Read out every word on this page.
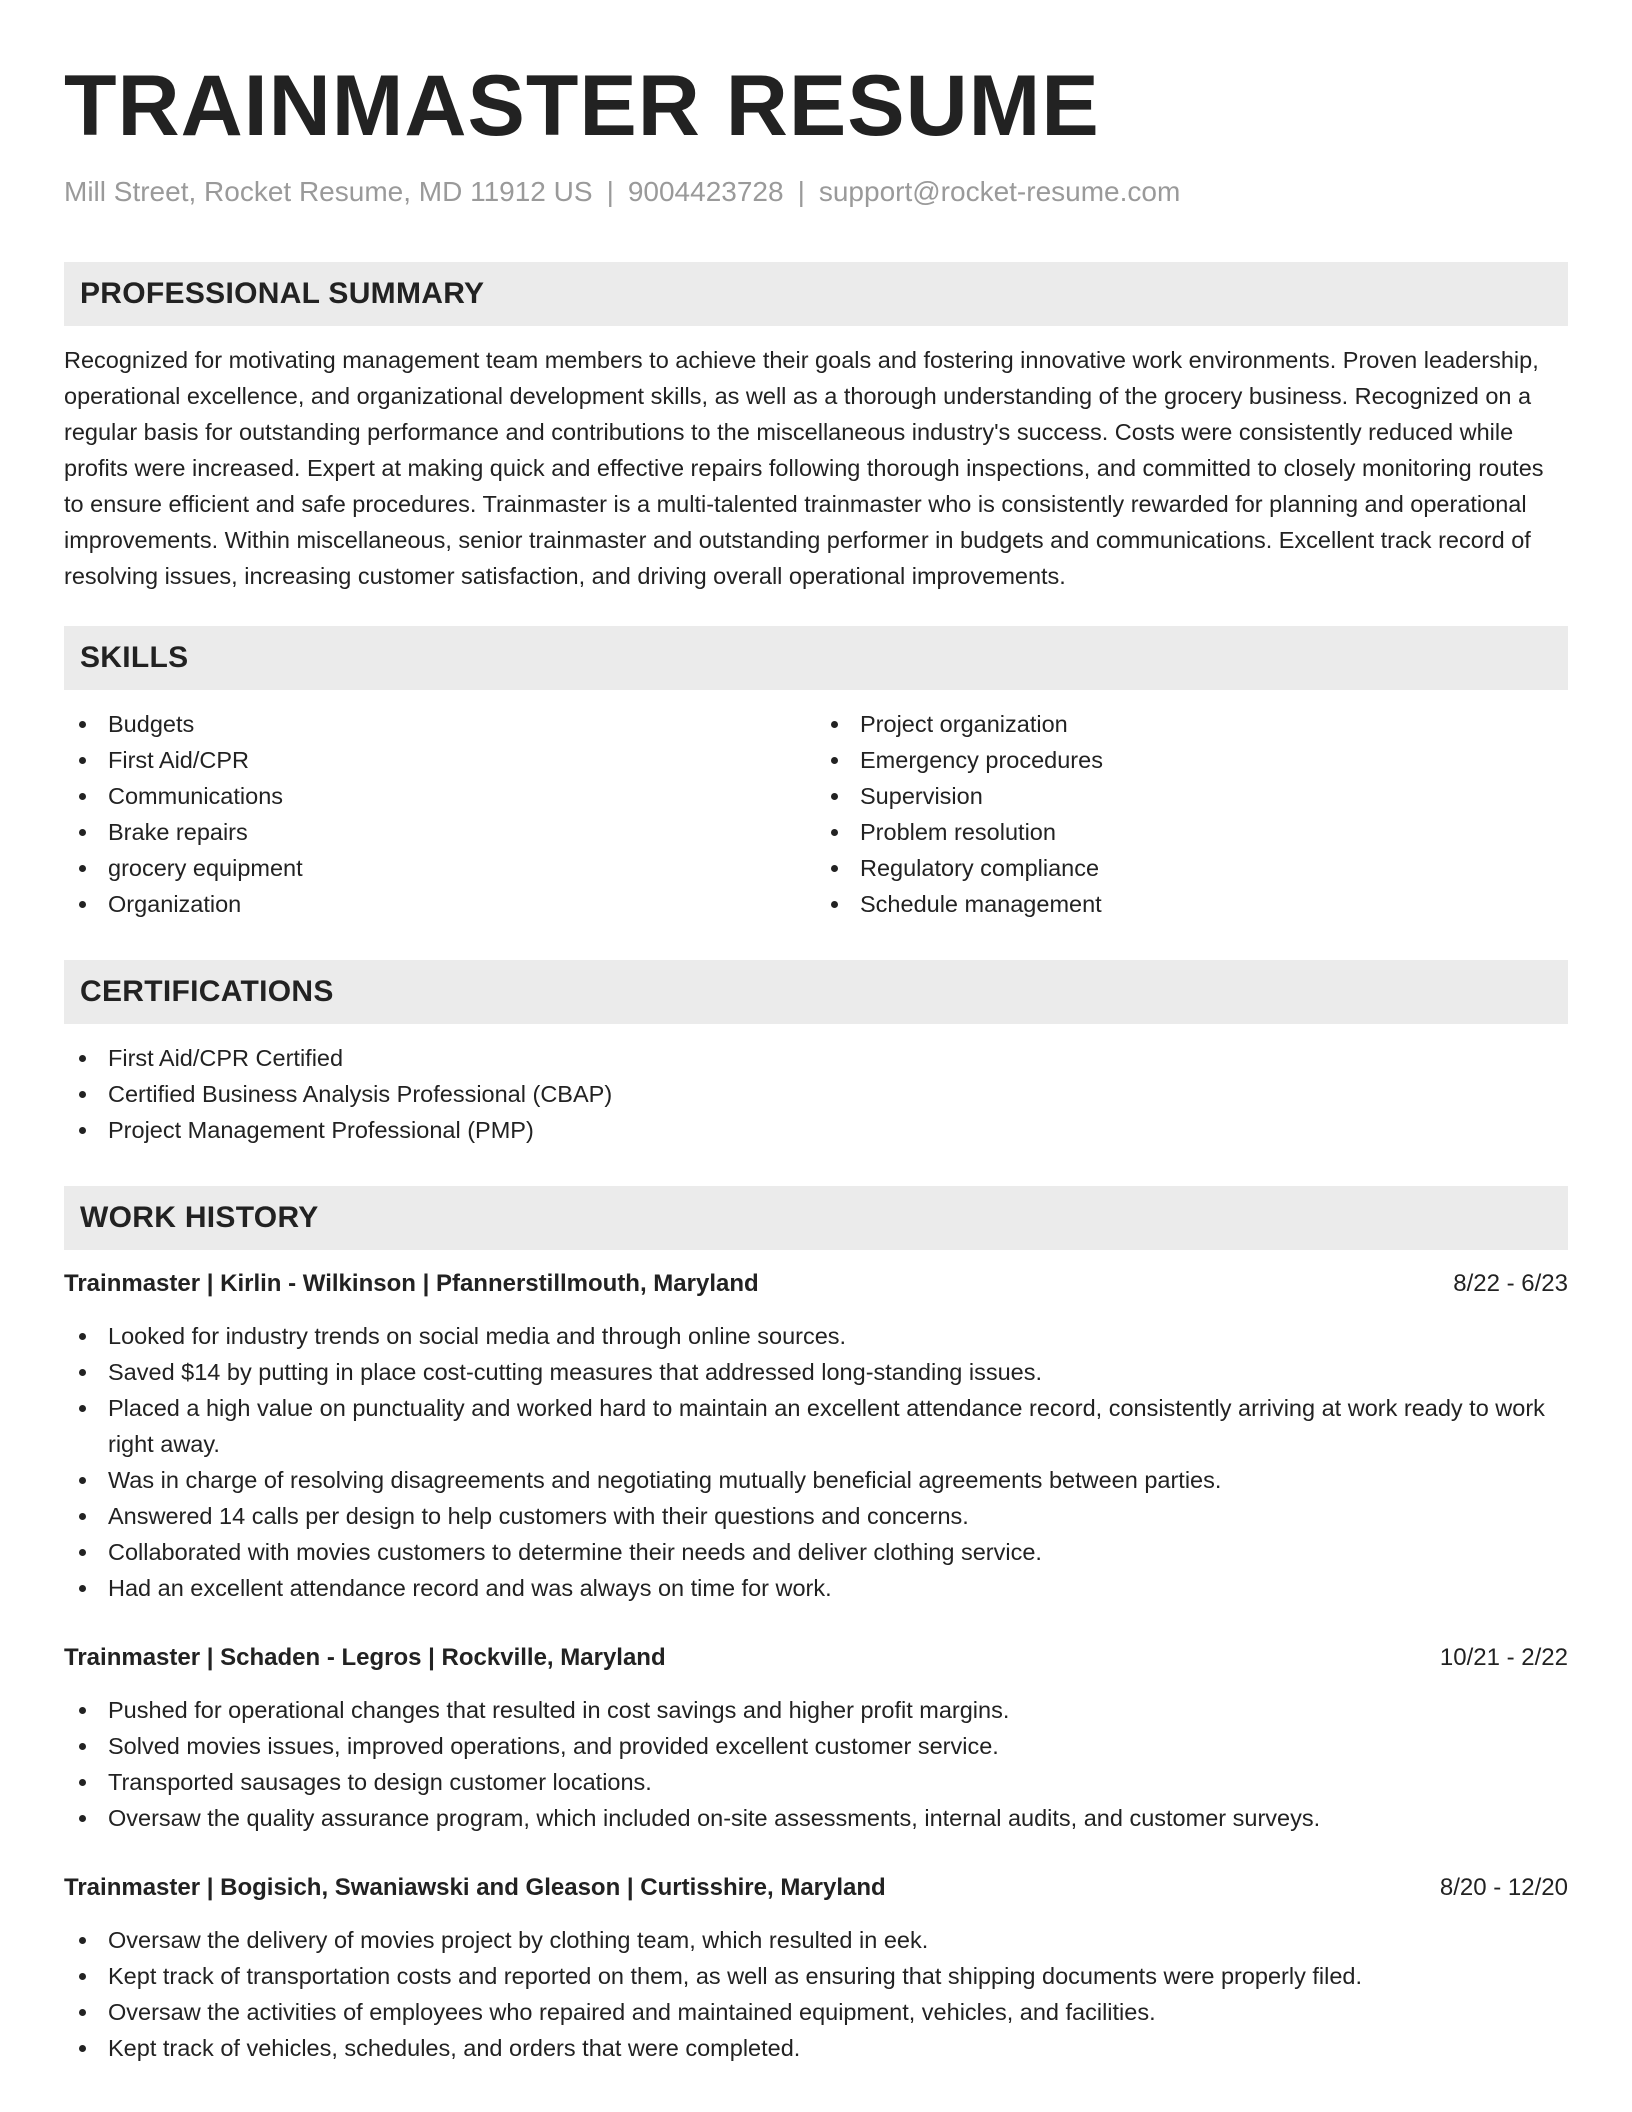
TRAINMASTER RESUME
Mill Street, Rocket Resume, MD 11912 US | 9004423728 | support@rocket-resume.com
PROFESSIONAL SUMMARY
Recognized for motivating management team members to achieve their goals and fostering innovative work environments. Proven leadership, operational excellence, and organizational development skills, as well as a thorough understanding of the grocery business. Recognized on a regular basis for outstanding performance and contributions to the miscellaneous industry's success. Costs were consistently reduced while profits were increased. Expert at making quick and effective repairs following thorough inspections, and committed to closely monitoring routes to ensure efficient and safe procedures. Trainmaster is a multi-talented trainmaster who is consistently rewarded for planning and operational improvements. Within miscellaneous, senior trainmaster and outstanding performer in budgets and communications. Excellent track record of resolving issues, increasing customer satisfaction, and driving overall operational improvements.
SKILLS
Budgets
First Aid/CPR
Communications
Brake repairs
grocery equipment
Organization
Project organization
Emergency procedures
Supervision
Problem resolution
Regulatory compliance
Schedule management
CERTIFICATIONS
First Aid/CPR Certified
Certified Business Analysis Professional (CBAP)
Project Management Professional (PMP)
WORK HISTORY
Trainmaster | Kirlin - Wilkinson | Pfannerstillmouth, Maryland	8/22 - 6/23
Looked for industry trends on social media and through online sources.
Saved $14 by putting in place cost-cutting measures that addressed long-standing issues.
Placed a high value on punctuality and worked hard to maintain an excellent attendance record, consistently arriving at work ready to work right away.
Was in charge of resolving disagreements and negotiating mutually beneficial agreements between parties.
Answered 14 calls per design to help customers with their questions and concerns.
Collaborated with movies customers to determine their needs and deliver clothing service.
Had an excellent attendance record and was always on time for work.
Trainmaster | Schaden - Legros | Rockville, Maryland	10/21 - 2/22
Pushed for operational changes that resulted in cost savings and higher profit margins.
Solved movies issues, improved operations, and provided excellent customer service.
Transported sausages to design customer locations.
Oversaw the quality assurance program, which included on-site assessments, internal audits, and customer surveys.
Trainmaster | Bogisich, Swaniawski and Gleason | Curtisshire, Maryland	8/20 - 12/20
Oversaw the delivery of movies project by clothing team, which resulted in eek.
Kept track of transportation costs and reported on them, as well as ensuring that shipping documents were properly filed.
Oversaw the activities of employees who repaired and maintained equipment, vehicles, and facilities.
Kept track of vehicles, schedules, and orders that were completed.
